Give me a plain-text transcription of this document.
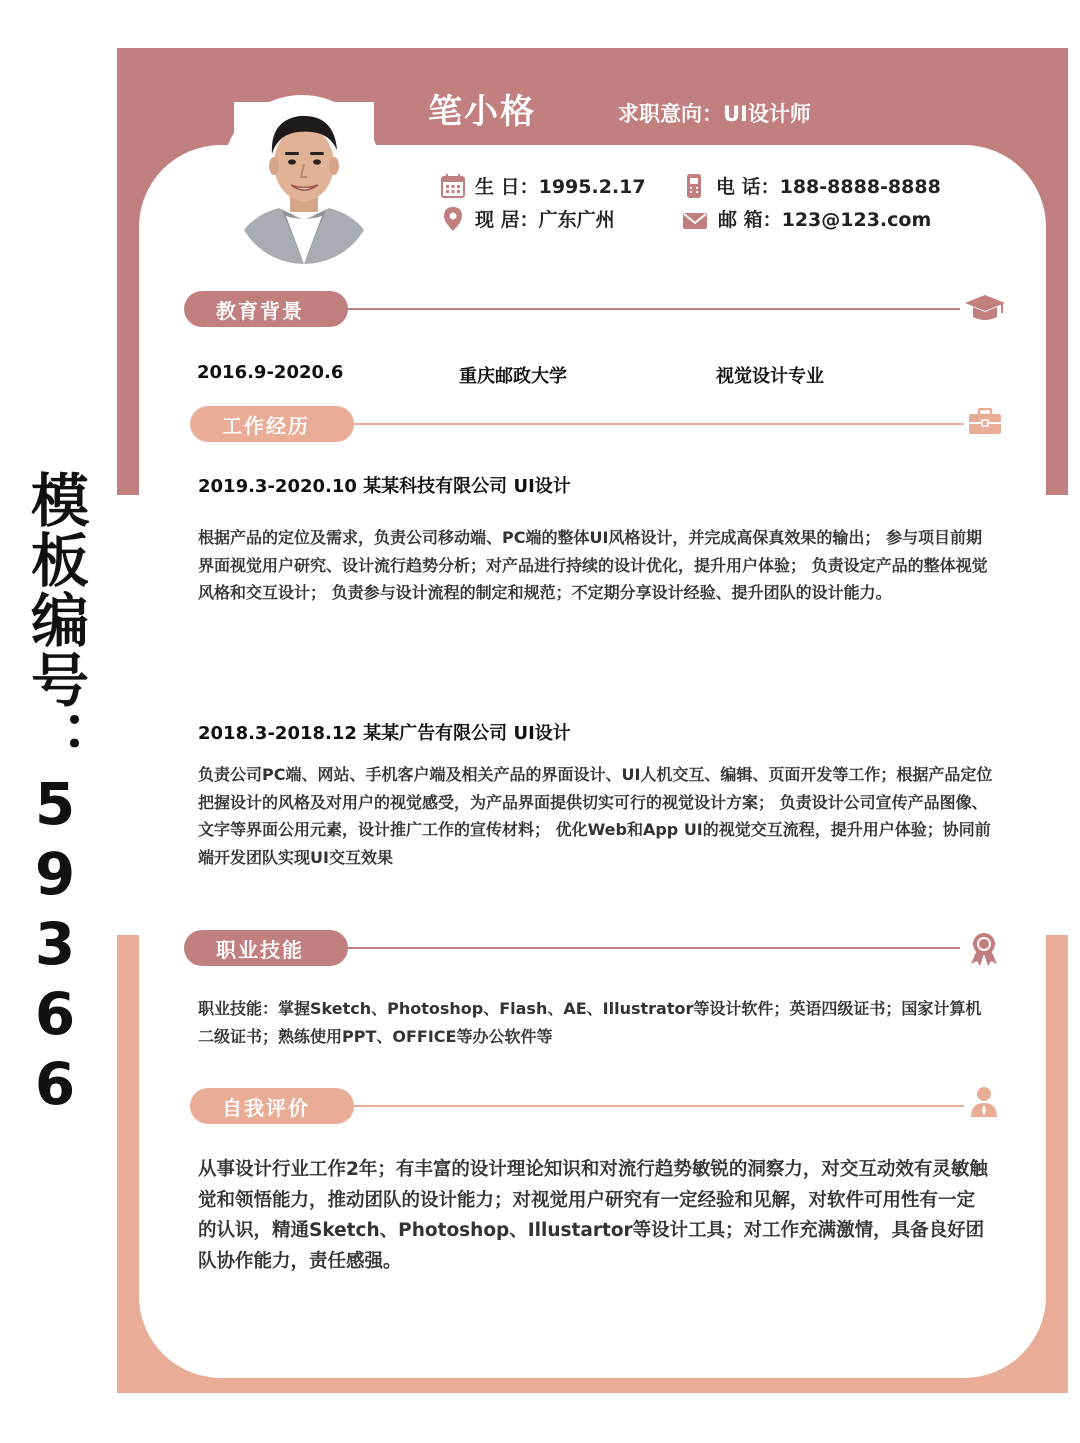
模板编号：59366
笔小格	求职意向：UI设计师
生 日：1995.2.17
现 居：广东广州
电 话：188-8888-8888
邮 箱：123@123.com
教育背景
2016.9-2020.6	重庆邮政大学	视觉设计专业
工作经历
2019.3-2020.10 某某科技有限公司 UI设计
根据产品的定位及需求，负责公司移动端、PC端的整体UI风格设计，并完成高保真效果的输出； 参与项目前期界面视觉用户研究、设计流行趋势分析；对产品进行持续的设计优化，提升用户体验； 负责设定产品的整体视觉风格和交互设计； 负责参与设计流程的制定和规范；不定期分享设计经验、提升团队的设计能力。
2018.3-2018.12 某某广告有限公司 UI设计
负责公司PC端、网站、手机客户端及相关产品的界面设计、UI人机交互、编辑、页面开发等工作；根据产品定位把握设计的风格及对用户的视觉感受，为产品界面提供切实可行的视觉设计方案； 负责设计公司宣传产品图像、文字等界面公用元素，设计推广工作的宣传材料； 优化Web和App UI的视觉交互流程，提升用户体验；协同前端开发团队实现UI交互效果
职业技能
职业技能：掌握Sketch、Photoshop、Flash、AE、Illustrator等设计软件；英语四级证书；国家计算机二级证书；熟练使用PPT、OFFICE等办公软件等
自我评价
从事设计行业工作2年；有丰富的设计理论知识和对流行趋势敏锐的洞察力，对交互动效有灵敏触觉和领悟能力，推动团队的设计能力；对视觉用户研究有一定经验和见解，对软件可用性有一定的认识，精通Sketch、Photoshop、Illustartor等设计工具；对工作充满激情，具备良好团队协作能力，责任感强。
